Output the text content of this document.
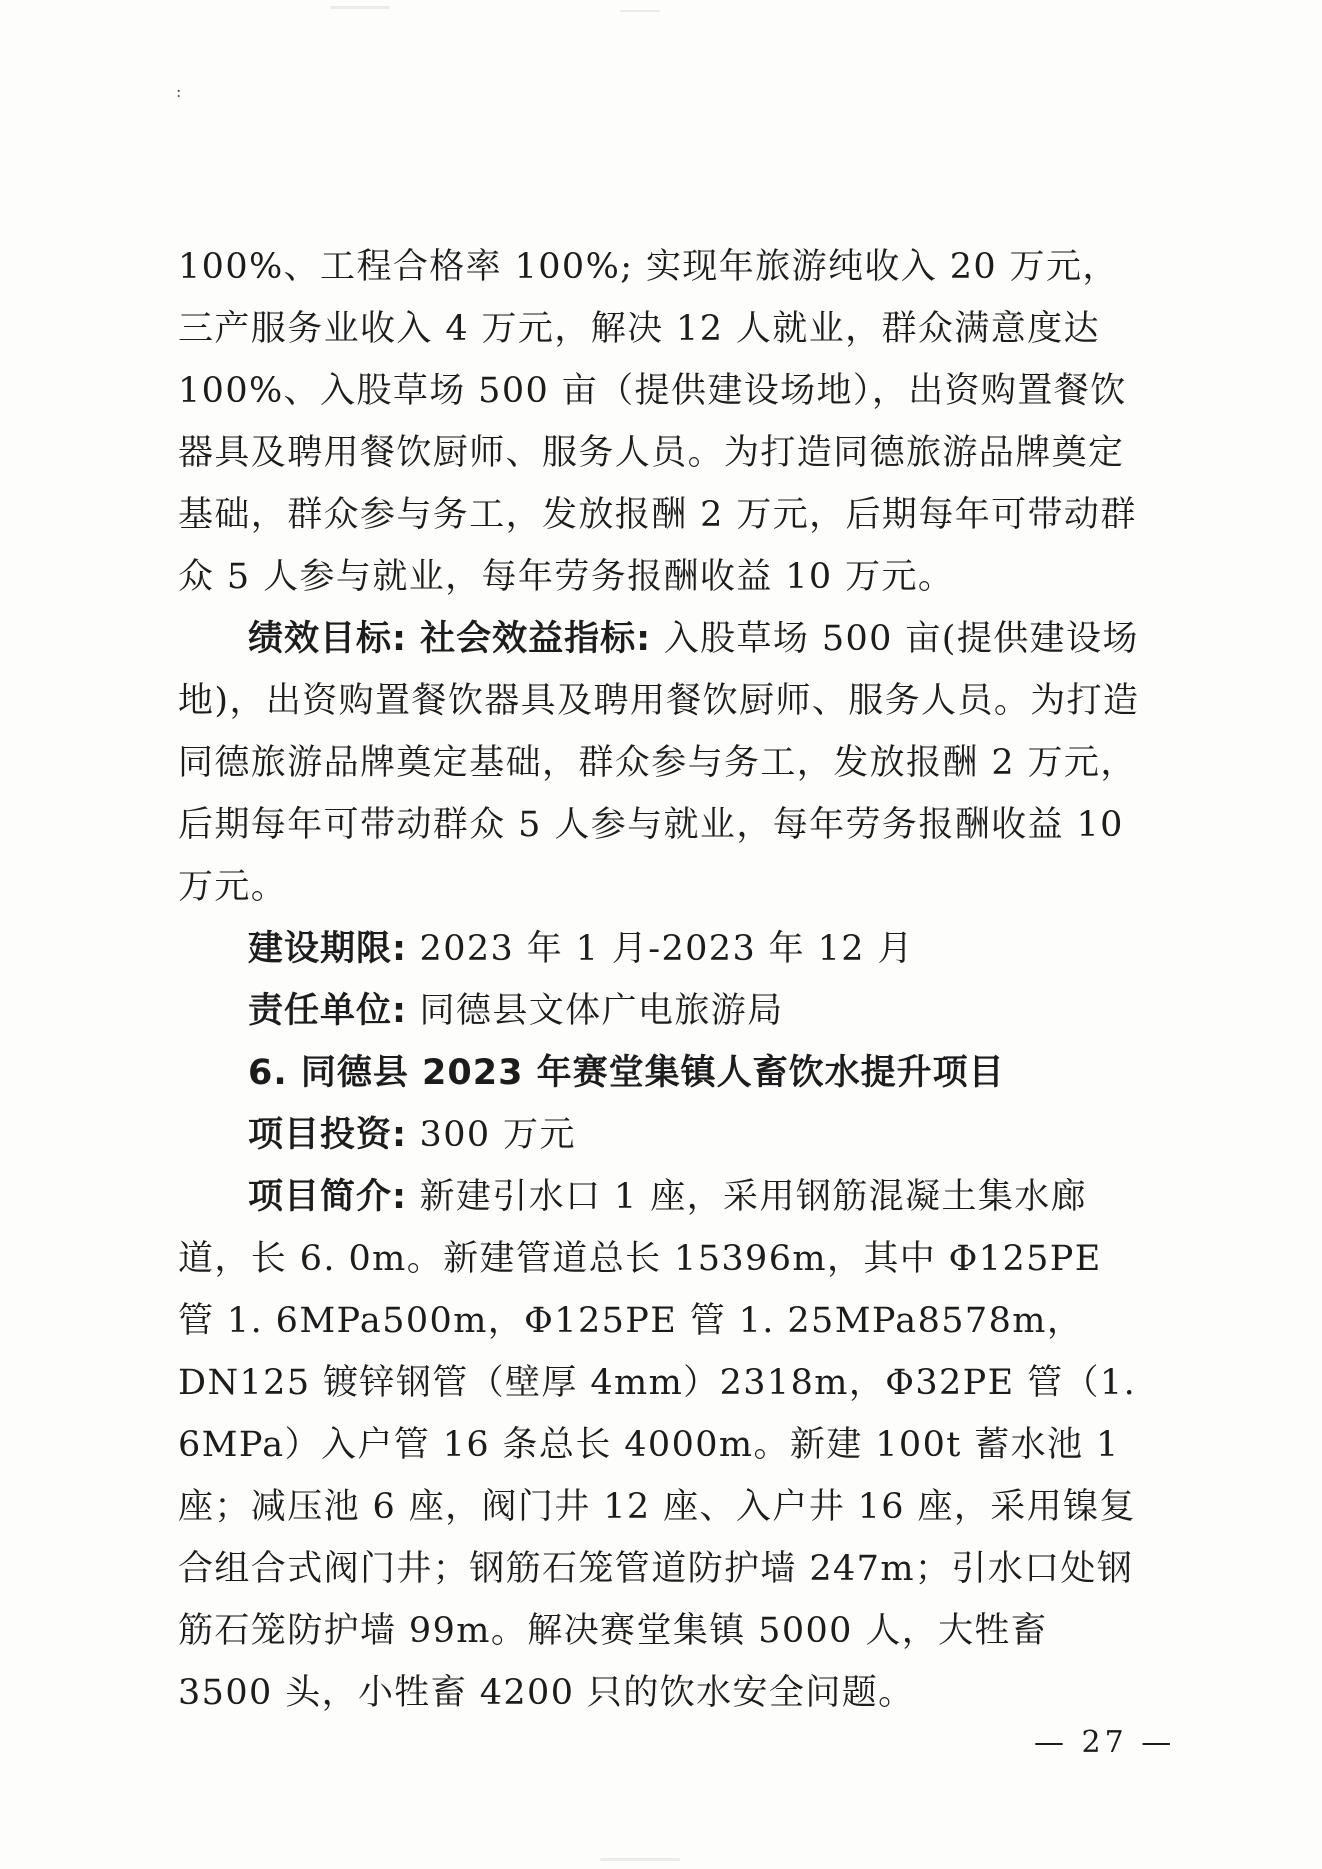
:

100%、工程合格率 100%; 实现年旅游纯收入 20 万元，三产服务业收入 4 万元，解决 12 人就业，群众满意度达 100%、入股草场 500 亩（提供建设场地），出资购置餐饮器具及聘用餐饮厨师、服务人员。为打造同德旅游品牌奠定基础，群众参与务工，发放报酬 2 万元，后期每年可带动群众 5 人参与就业，每年劳务报酬收益 10 万元。

绩效目标: 社会效益指标: 入股草场 500 亩(提供建设场地)，出资购置餐饮器具及聘用餐饮厨师、服务人员。为打造同德旅游品牌奠定基础，群众参与务工，发放报酬 2 万元，后期每年可带动群众 5 人参与就业，每年劳务报酬收益 10 万元。

建设期限: 2023 年 1 月-2023 年 12 月

责任单位: 同德县文体广电旅游局

6. 同德县 2023 年赛堂集镇人畜饮水提升项目

项目投资: 300 万元

项目简介: 新建引水口 1 座，采用钢筋混凝土集水廊道，长 6. 0m。新建管道总长 15396m，其中 Φ125PE 管 1. 6MPa500m，Φ125PE 管 1. 25MPa8578m，DN125 镀锌钢管（壁厚 4mm）2318m，Φ32PE 管（1. 6MPa）入户管 16 条总长 4000m。新建 100t 蓄水池 1 座；减压池 6 座，阀门井 12 座、入户井 16 座，采用镍复合组合式阀门井；钢筋石笼管道防护墙 247m；引水口处钢筋石笼防护墙 99m。解决赛堂集镇 5000 人，大牲畜 3500 头，小牲畜 4200 只的饮水安全问题。

— 27 —
